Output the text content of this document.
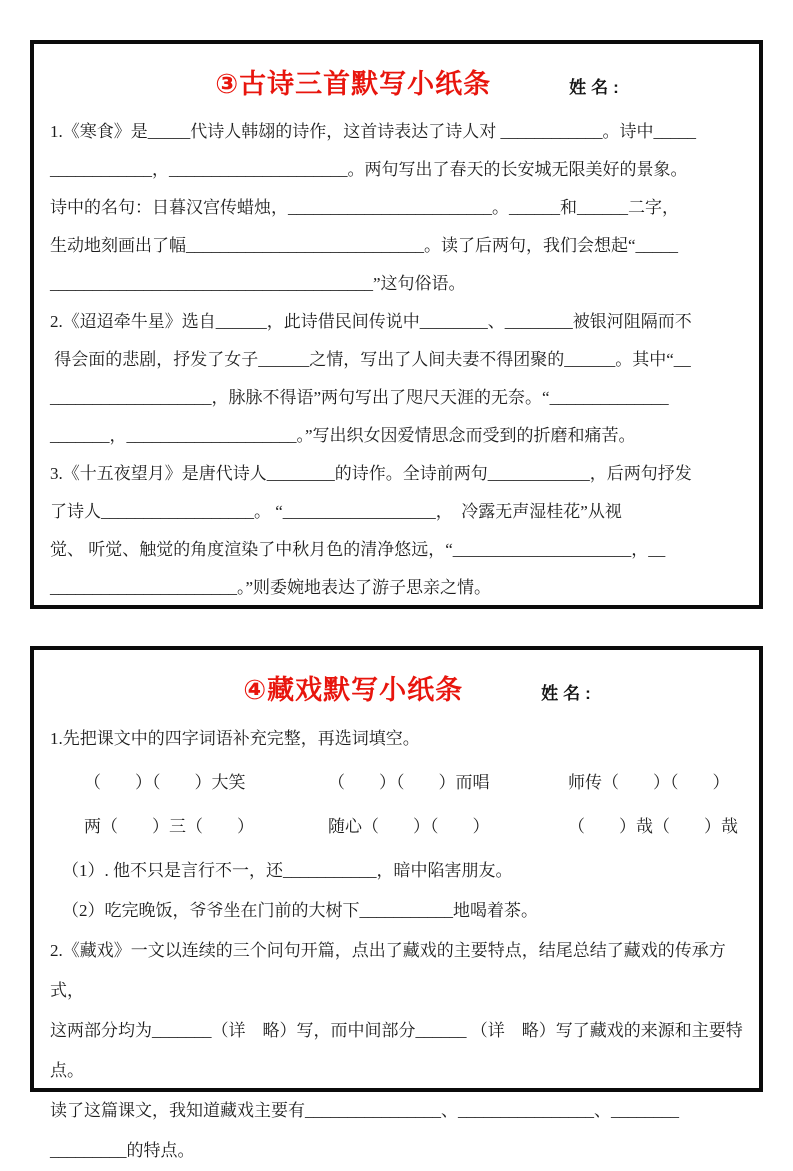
③古诗三首默写小纸条	姓名:

1.《寒食》是_____代诗人韩翃的诗作，这首诗表达了诗人对 ____________。诗中_____

____________，_____________________。两句写出了春天的长安城无限美好的景象。

诗中的名句：日暮汉宫传蜡烛，________________________。______和______二字，

生动地刻画出了幅____________________________。读了后两句，我们会想起“_____

______________________________________”这句俗语。

2.《迢迢牵牛星》选自______，此诗借民间传说中________、________被银河阻隔而不

得会面的悲剧，抒发了女子______之情，写出了人间夫妻不得团聚的______。其中“__

___________________，脉脉不得语”两句写出了咫尺天涯的无奈。“______________

_______，____________________。”写出织女因爱情思念而受到的折磨和痛苦。

3.《十五夜望月》是唐代诗人________的诗作。全诗前两句____________，后两句抒发

了诗人__________________。 “__________________，  冷露无声湿桂花”从视

觉、 听觉、触觉的角度渲染了中秋月色的清净悠远，“_____________________，__

______________________。”则委婉地表达了游子思亲之情。

④藏戏默写小纸条	姓名:

1.先把课文中的四字词语补充完整，再选词填空。

（　　）（　　）大笑	（　　）（　　）而唱	师传（　　）（　　）
两（　　）三（　　）	随心（　　）（　　）	（　　）哉（　　）哉

（1）. 他不只是言行不一，还___________，暗中陷害朋友。

（2）吃完晚饭，爷爷坐在门前的大树下___________地喝着茶。

2.《藏戏》一文以连续的三个问句开篇，点出了藏戏的主要特点，结尾总结了藏戏的传承方式，

这两部分均为_______（详　略）写，而中间部分______ （详　略）写了藏戏的来源和主要特点。

读了这篇课文，我知道藏戏主要有________________、________________、________

_________的特点。
